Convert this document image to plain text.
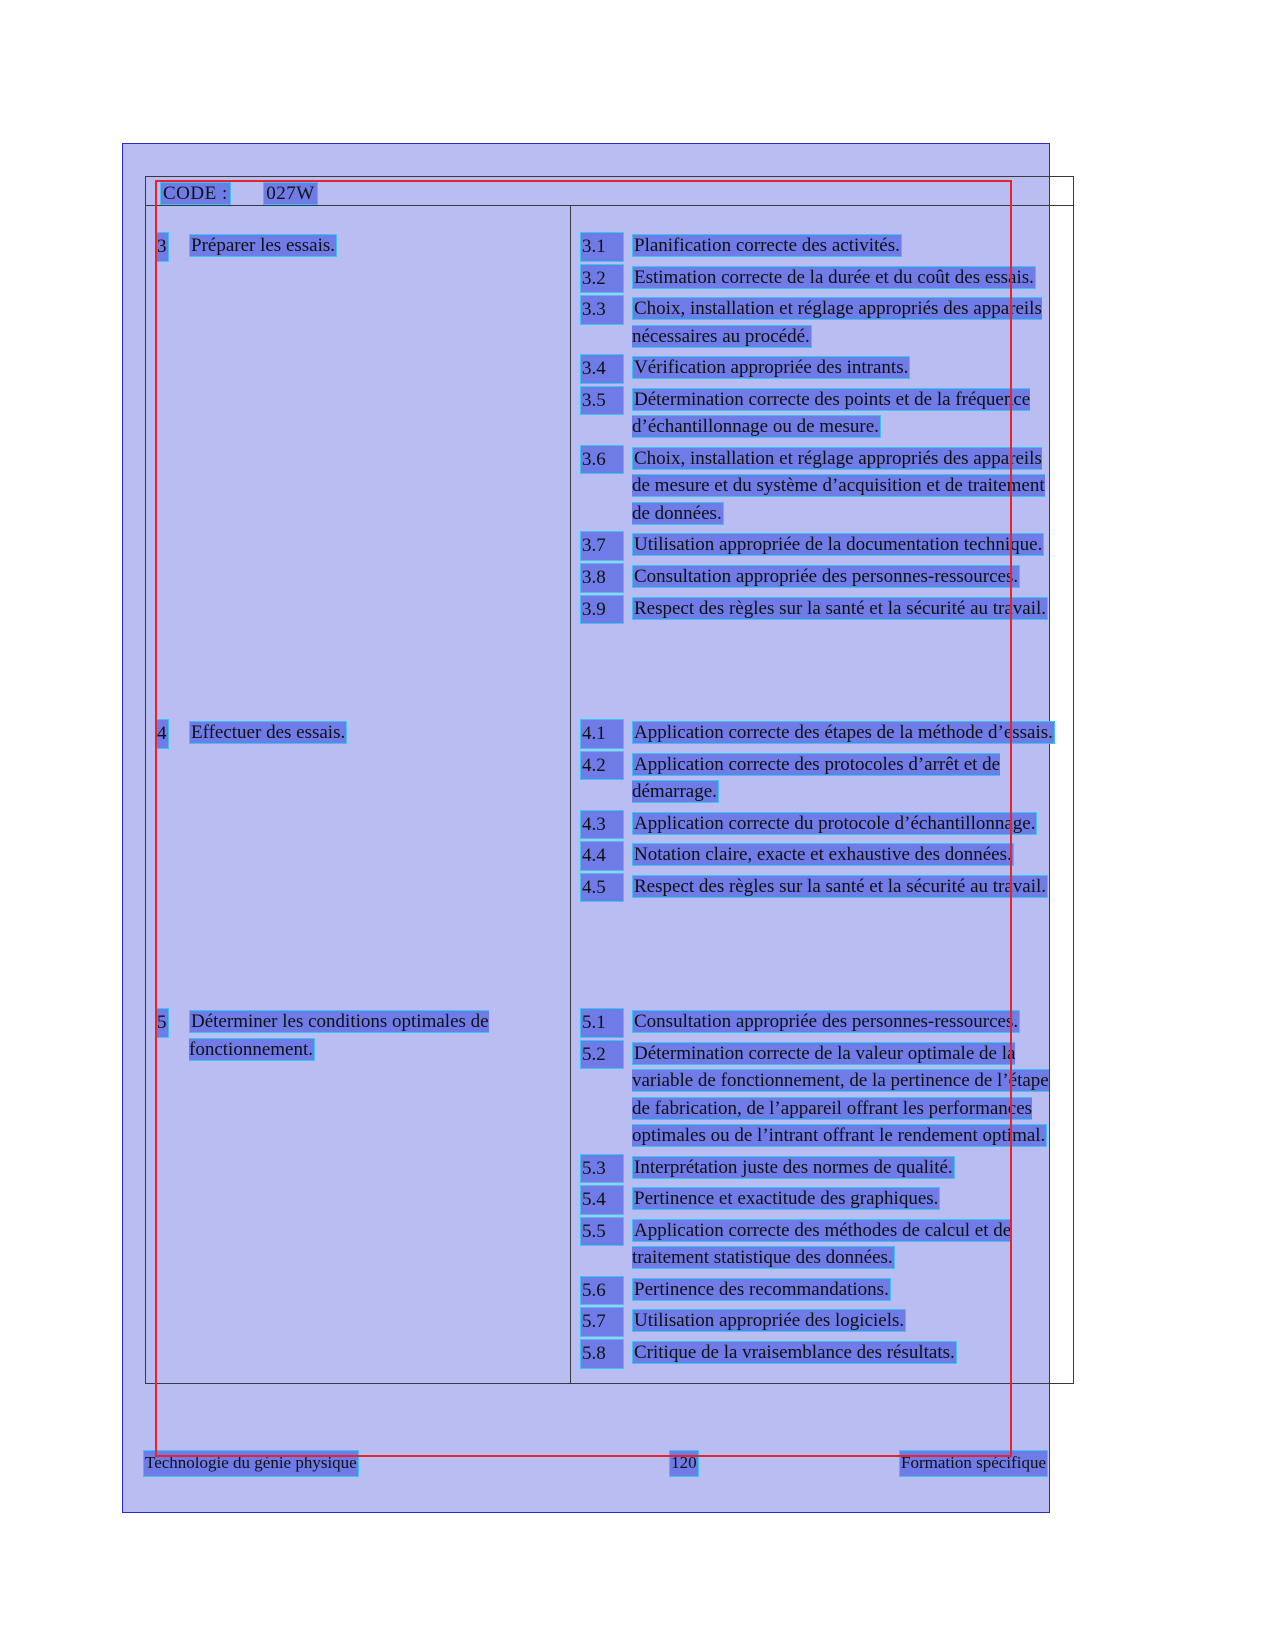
CODE : 027W
3 Préparer les essais.	3.1	Planification correcte des activités.
3.2	Estimation correcte de la durée et du coût des essais.
3.3	Choix, installation et réglage appropriés des appareils nécessaires au procédé.
3.4	Vérification appropriée des intrants.
3.5	Détermination correcte des points et de la fréquence d’échantillonnage ou de mesure.
3.6	Choix, installation et réglage appropriés des appareils de mesure et du système d’acquisition et de traitement de données.
3.7	Utilisation appropriée de la documentation technique.
3.8	Consultation appropriée des personnes-ressources.
3.9	Respect des règles sur la santé et la sécurité au travail.
4 Effectuer des essais.	4.1	Application correcte des étapes de la méthode d’essais.
4.2	Application correcte des protocoles d’arrêt et de démarrage.
4.3	Application correcte du protocole d’échantillonnage.
4.4	Notation claire, exacte et exhaustive des données.
4.5	Respect des règles sur la santé et la sécurité au travail.
5 Déterminer les conditions optimales de fonctionnement.
5.1	Consultation appropriée des personnes-ressources.
5.2	Détermination correcte de la valeur optimale de la variable de fonctionnement, de la pertinence de l’étape de fabrication, de l’appareil offrant les performances optimales ou de l’intrant offrant le rendement optimal.
5.3	Interprétation juste des normes de qualité.
5.4	Pertinence et exactitude des graphiques.
5.5	Application correcte des méthodes de calcul et de traitement statistique des données.
5.6	Pertinence des recommandations.
5.7	Utilisation appropriée des logiciels.
5.8	Critique de la vraisemblance des résultats.
Technologie du génie physique	120	Formation spécifique
